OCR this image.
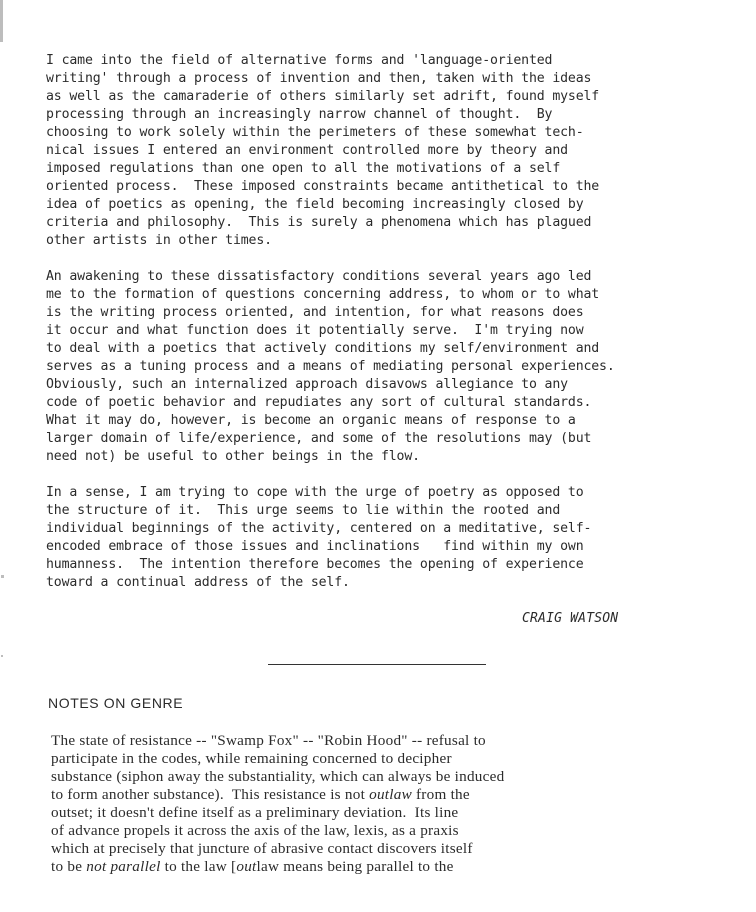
I came into the field of alternative forms and 'language-oriented
writing' through a process of invention and then, taken with the ideas
as well as the camaraderie of others similarly set adrift, found myself
processing through an increasingly narrow channel of thought.  By
choosing to work solely within the perimeters of these somewhat tech-
nical issues I entered an environment controlled more by theory and
imposed regulations than one open to all the motivations of a self
oriented process.  These imposed constraints became antithetical to the
idea of poetics as opening, the field becoming increasingly closed by
criteria and philosophy.  This is surely a phenomena which has plagued
other artists in other times.
An awakening to these dissatisfactory conditions several years ago led
me to the formation of questions concerning address, to whom or to what
is the writing process oriented, and intention, for what reasons does
it occur and what function does it potentially serve.  I'm trying now
to deal with a poetics that actively conditions my self/environment and
serves as a tuning process and a means of mediating personal experiences.
Obviously, such an internalized approach disavows allegiance to any
code of poetic behavior and repudiates any sort of cultural standards.
What it may do, however, is become an organic means of response to a
larger domain of life/experience, and some of the resolutions may (but
need not) be useful to other beings in the flow.
In a sense, I am trying to cope with the urge of poetry as opposed to
the structure of it.  This urge seems to lie within the rooted and
individual beginnings of the activity, centered on a meditative, self-
encoded embrace of those issues and inclinations   find within my own
humanness.  The intention therefore becomes the opening of experience
toward a continual address of the self.
CRAIG WATSON
NOTES ON GENRE
The state of resistance -- "Swamp Fox" -- "Robin Hood" -- refusal to
participate in the codes, while remaining concerned to decipher
substance (siphon away the substantiality, which can always be induced
to form another substance).  This resistance is not outlaw from the
outset; it doesn't define itself as a preliminary deviation.  Its line
of advance propels it across the axis of the law, lexis, as a praxis
which at precisely that juncture of abrasive contact discovers itself
to be not parallel to the law [outlaw means being parallel to the
